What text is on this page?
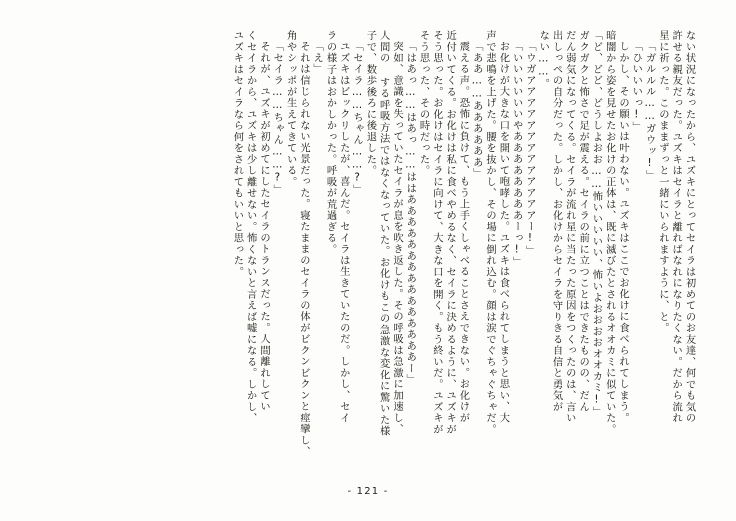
ない状況になったから、ユズキにとってセイラは初めてのお友達、何でも気の
許せる親友だった。ユズキはセイラと離ればなれになりたくない。だから流れ
星に祈った。このままずっと一緒にいられますように、と。
「ガルルル……ガウッ!」
「ひいいいっ!」
しかし、その願いは叶わない。ユズキはここでお化けに食べられてしまう。
暗闇から姿を見せたお化けの正体は、既に滅びたとされるオオカミに似ていた。
「ど、どど、どうしよおお……怖いいいいい、怖いよおおおおオオカミ!」
ガクガクと怖さで足が震える。セイラの前に立つことはできたものの、だん
だん弱気になってくる。セイラが流れ星に当たった原因をつくったのは、言い
出しっぺの自分だった。しかし、お化けからセイラを守りきる自信と勇気が
ない……。
「ウガアアアアアアアアアアアアアー!」
「いいいいいいやああああああああーっ!」
お化けが大きな口を開いて咆哮した。ユズキは食べられてしまうと思い、大
声で悲鳴を上げた。腰を抜かし、その場に倒れ込む。顔は涙でぐちゃぐちゃだ。
「ああ……ああああああ」
震える声。恐怖に負けて、もう上手くしゃべることさえできない。お化けが
近付いてくる。お化けは私に食べやめるなく、セイラに決めるように、ユズキが
そう思った。お化けはセイラに向けて、大きな口を開く。もう終いだ。ユズキが
そう思った、その時だった。
「はあっ……はあっ……ははあああああああああああああああー」
突如、意識を失っていたセイラが息を吹き返した。その呼吸は急激に加速し、
人間の する呼吸方法ではなくなっていた。お化けもこの急激な変化に驚いた様
子で、数歩後ろに後退した。
「セイラ……ちゃん……?」
ユズキはビックリしたが、喜んだ。セイラは生きていたのだ。しかし、セイ
ラの様子はおかしかった。呼吸が荒過ぎる。
「え」
それは信じられない光景だった。寝たままのセイラの体がビクンビクンと痙攣し、
角やシッポが生えてきている。
「セイラ……ちゃん……?」
それが、ユズキが初めてにしたセイラのトランスだった。人間離れしてい
くセイラから、ユズキは少し離せない。怖くないと言えば嘘になる。しかし、
ユズキはセイラなら何をされてもいいと思った。
- 121 -
